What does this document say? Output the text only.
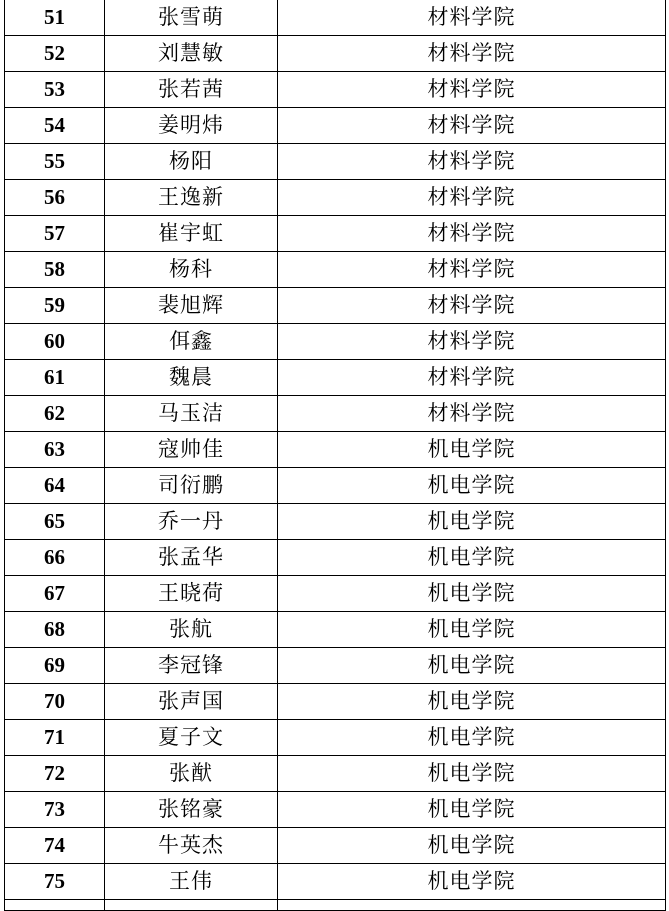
51	张雪萌	材料学院
52	刘慧敏	材料学院
53	张若茜	材料学院
54	姜明炜	材料学院
55	杨阳	材料学院
56	王逸新	材料学院
57	崔宇虹	材料学院
58	杨科	材料学院
59	裴旭辉	材料学院
60	佴鑫	材料学院
61	魏晨	材料学院
62	马玉洁	材料学院
63	寇帅佳	机电学院
64	司衍鹏	机电学院
65	乔一丹	机电学院
66	张孟华	机电学院
67	王晓荷	机电学院
68	张航	机电学院
69	李冠锋	机电学院
70	张声国	机电学院
71	夏子文	机电学院
72	张猷	机电学院
73	张铭豪	机电学院
74	牛英杰	机电学院
75	王伟	机电学院
